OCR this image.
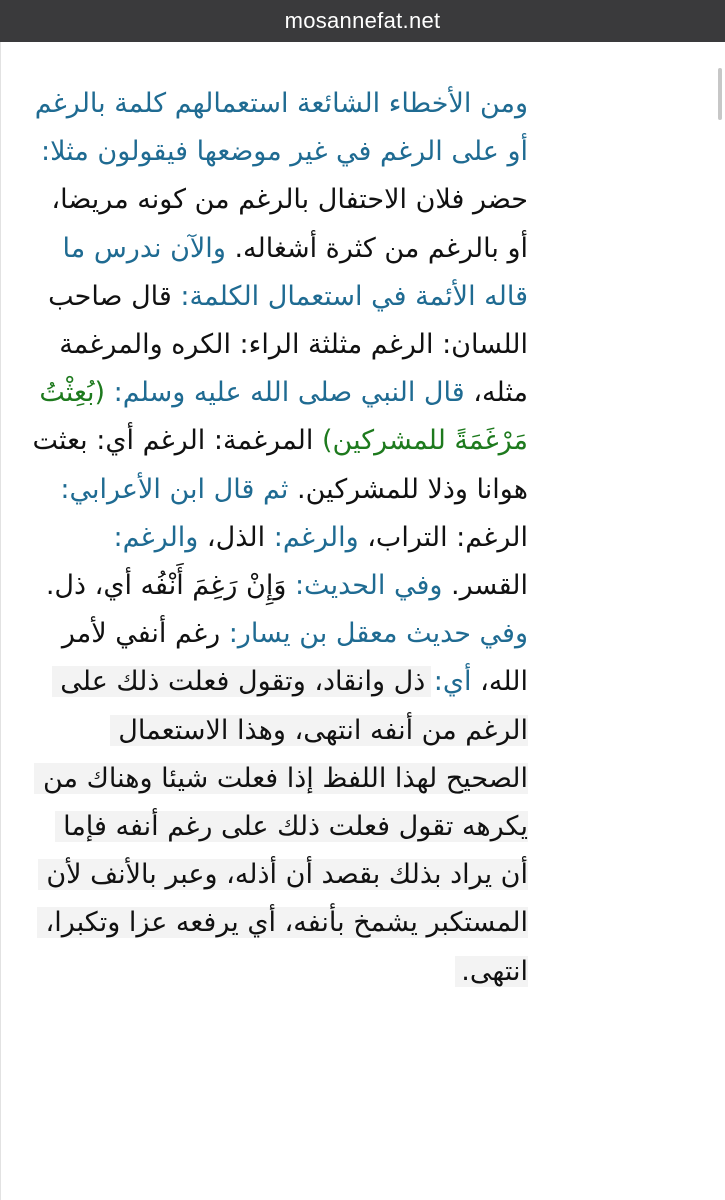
mosannefat.net
ومن الأخطاء الشائعة استعمالهم كلمة بالرغم أو على الرغم في غير موضعها فيقولون مثلا: حضر فلان الاحتفال بالرغم من كونه مريضا، أو بالرغم من كثرة أشغاله. والآن ندرس ما قاله الأئمة في استعمال الكلمة: قال صاحب اللسان: الرغم مثلثة الراء: الكره والمرغمة مثله، قال النبي صلى الله عليه وسلم: (بُعِثْتُ مَرْغَمَةً للمشركين) المرغمة: الرغم أي: بعثت هوانا وذلا للمشركين. ثم قال ابن الأعرابي: الرغم: التراب، والرغم: الذل، والرغم: القسر. وفي الحديث: وَإِنْ رَغِمَ أَنْفُه أي، ذل. وفي حديث معقل بن يسار: رغم أنفي لأمر الله، أي: ذل وانقاد، وتقول فعلت ذلك على الرغم من أنفه انتهى، وهذا الاستعمال الصحيح لهذا اللفظ إذا فعلت شيئا وهناك من يكرهه تقول فعلت ذلك على رغم أنفه فإما أن يراد بذلك بقصد أن أذله، وعبر بالأنف لأن المستكبر يشمخ بأنفه، أي يرفعه عزا وتكبرا، انتهى.
